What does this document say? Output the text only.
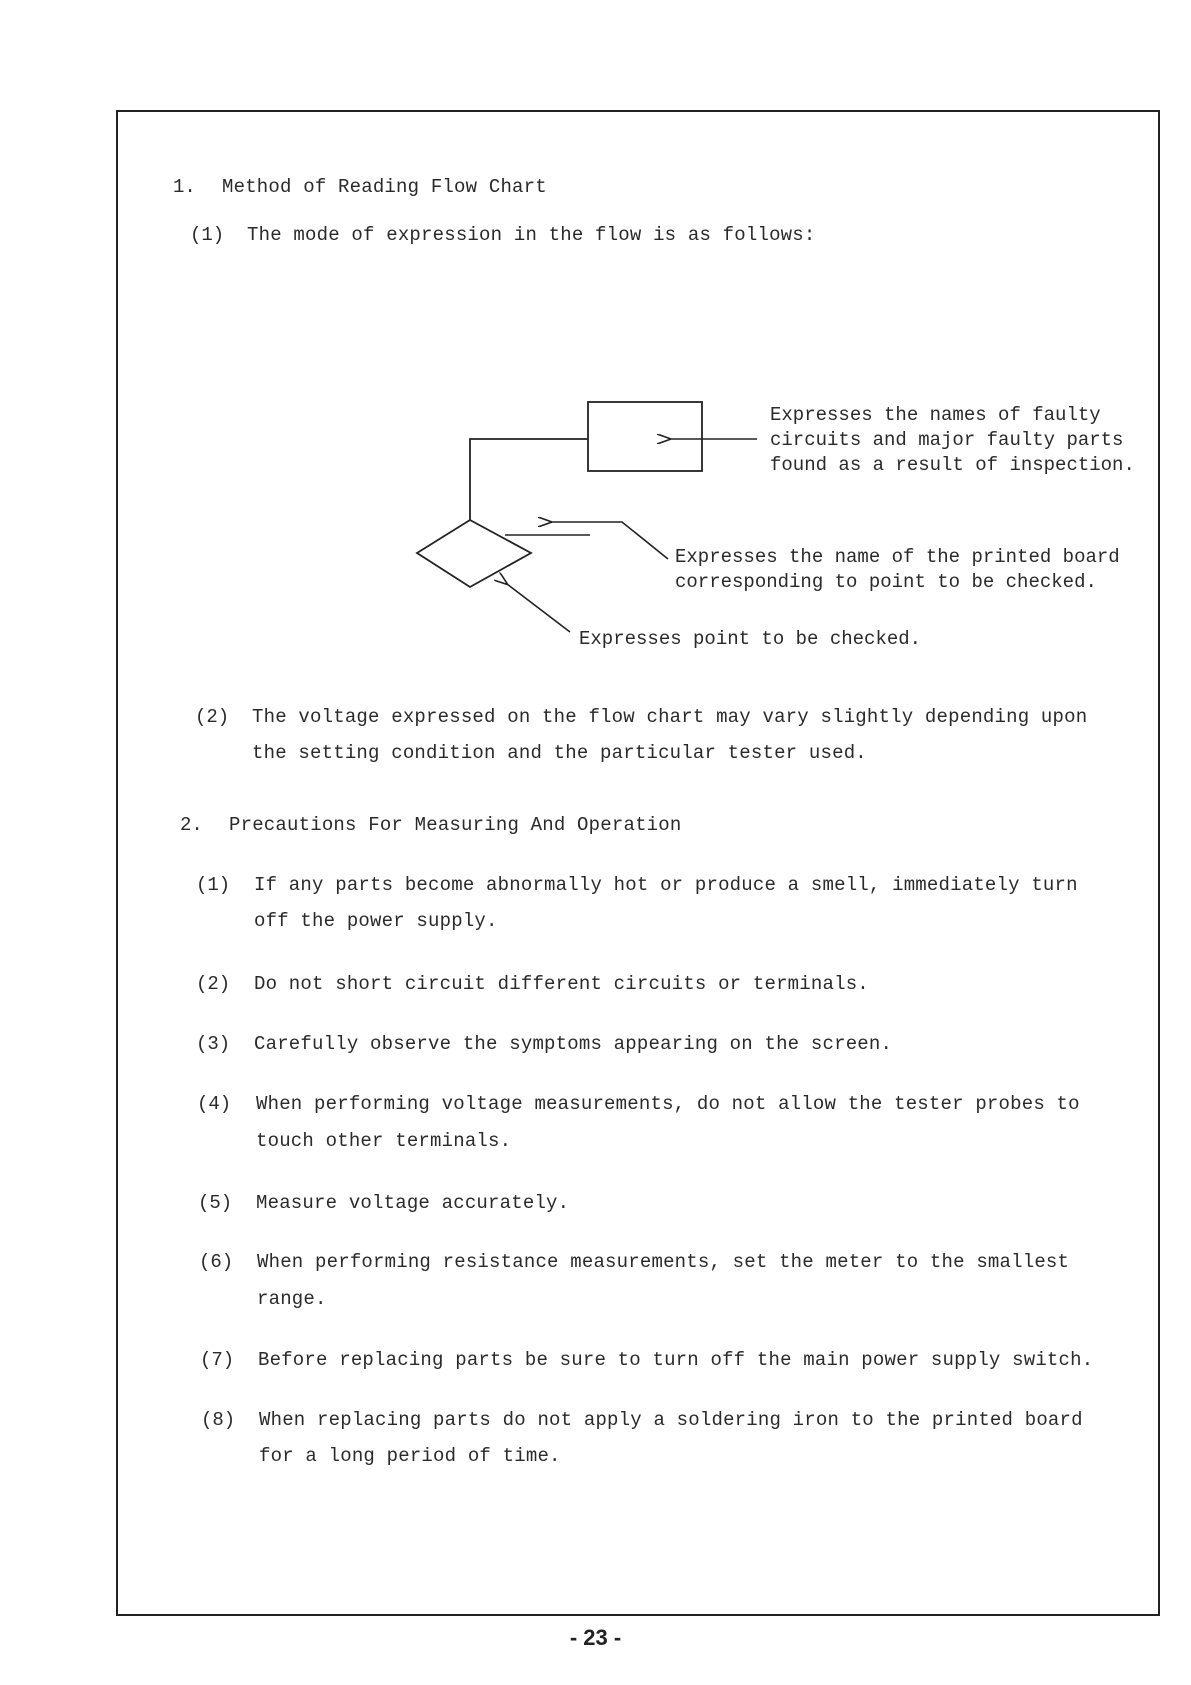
1. Method of Reading Flow Chart
(1) The mode of expression in the flow is as follows:
Expresses the names of faulty
circuits and major faulty parts
found as a result of inspection.
Expresses the name of the printed board
corresponding to point to be checked.
Expresses point to be checked.
(2) The voltage expressed on the flow chart may vary slightly depending upon
the setting condition and the particular tester used.
2. Precautions For Measuring And Operation
(1) If any parts become abnormally hot or produce a smell, immediately turn
off the power supply.
(2) Do not short circuit different circuits or terminals.
(3) Carefully observe the symptoms appearing on the screen.
(4) When performing voltage measurements, do not allow the tester probes to
touch other terminals.
(5) Measure voltage accurately.
(6) When performing resistance measurements, set the meter to the smallest
range.
(7) Before replacing parts be sure to turn off the main power supply switch.
(8) When replacing parts do not apply a soldering iron to the printed board
for a long period of time.
- 23 -
